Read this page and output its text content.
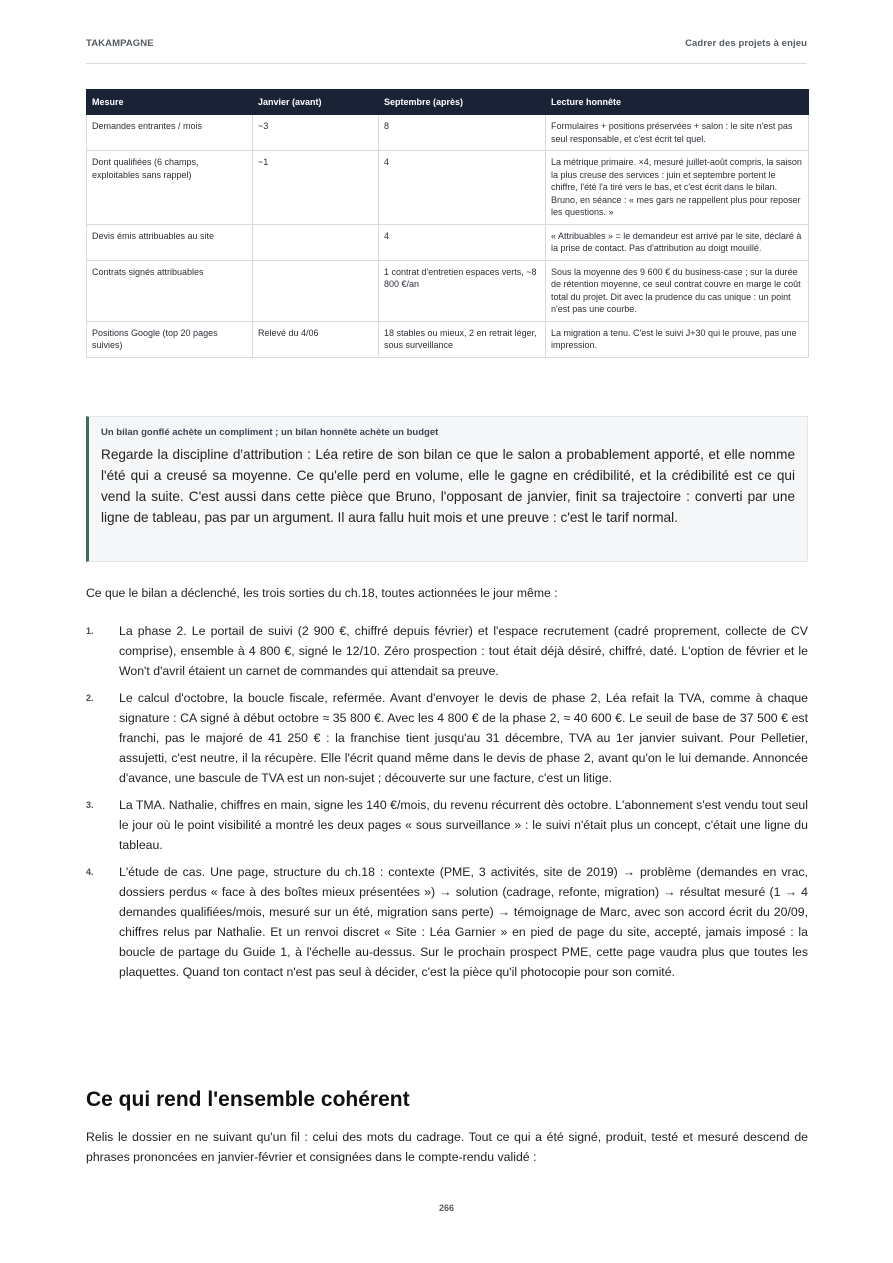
TAKAMPAGNE	Cadrer des projets à enjeu
Mesure	Janvier (avant)	Septembre (après)	Lecture honnête
Demandes entrantes / mois	~3	8	Formulaires + positions préservées + salon : le site n'est pas seul responsable, et c'est écrit tel quel.
Dont qualifiées (6 champs, exploitables sans rappel)	~1	4	La métrique primaire. ×4, mesuré juillet-août compris, la saison la plus creuse des services : juin et septembre portent le chiffre, l'été l'a tiré vers le bas, et c'est écrit dans le bilan. Bruno, en séance : « mes gars ne rappellent plus pour reposer les questions. »
Devis émis attribuables au site		4	« Attribuables » = le demandeur est arrivé par le site, déclaré à la prise de contact. Pas d'attribution au doigt mouillé.
Contrats signés attribuables		1 contrat d'entretien espaces verts, ~8 800 €/an	Sous la moyenne des 9 600 € du business-case ; sur la durée de rétention moyenne, ce seul contrat couvre en marge le coût total du projet. Dit avec la prudence du cas unique : un point n'est pas une courbe.
Positions Google (top 20 pages suivies)	Relevé du 4/06	18 stables ou mieux, 2 en retrait léger, sous surveillance	La migration a tenu. C'est le suivi J+30 qui le prouve, pas une impression.
Un bilan gonflé achète un compliment ; un bilan honnête achète un budget

Regarde la discipline d'attribution : Léa retire de son bilan ce que le salon a probablement apporté, et elle nomme l'été qui a creusé sa moyenne. Ce qu'elle perd en volume, elle le gagne en crédibilité, et la crédibilité est ce qui vend la suite. C'est aussi dans cette pièce que Bruno, l'opposant de janvier, finit sa trajectoire : converti par une ligne de tableau, pas par un argument. Il aura fallu huit mois et une preuve : c'est le tarif normal.

Ce que le bilan a déclenché, les trois sorties du ch.18, toutes actionnées le jour même :

1. La phase 2. Le portail de suivi (2 900 €, chiffré depuis février) et l'espace recrutement (cadré proprement, collecte de CV comprise), ensemble à 4 800 €, signé le 12/10. Zéro prospection : tout était déjà désiré, chiffré, daté. L'option de février et le Won't d'avril étaient un carnet de commandes qui attendait sa preuve.
2. Le calcul d'octobre, la boucle fiscale, refermée. Avant d'envoyer le devis de phase 2, Léa refait la TVA, comme à chaque signature : CA signé à début octobre ≈ 35 800 €. Avec les 4 800 € de la phase 2, ≈ 40 600 €. Le seuil de base de 37 500 € est franchi, pas le majoré de 41 250 € : la franchise tient jusqu'au 31 décembre, TVA au 1er janvier suivant. Pour Pelletier, assujetti, c'est neutre, il la récupère. Elle l'écrit quand même dans le devis de phase 2, avant qu'on le lui demande. Annoncée d'avance, une bascule de TVA est un non-sujet ; découverte sur une facture, c'est un litige.
3. La TMA. Nathalie, chiffres en main, signe les 140 €/mois, du revenu récurrent dès octobre. L'abonnement s'est vendu tout seul le jour où le point visibilité a montré les deux pages « sous surveillance » : le suivi n'était plus un concept, c'était une ligne du tableau.
4. L'étude de cas. Une page, structure du ch.18 : contexte (PME, 3 activités, site de 2019) → problème (demandes en vrac, dossiers perdus « face à des boîtes mieux présentées ») → solution (cadrage, refonte, migration) → résultat mesuré (1 → 4 demandes qualifiées/mois, mesuré sur un été, migration sans perte) → témoignage de Marc, avec son accord écrit du 20/09, chiffres relus par Nathalie. Et un renvoi discret « Site : Léa Garnier » en pied de page du site, accepté, jamais imposé : la boucle de partage du Guide 1, à l'échelle au-dessus. Sur le prochain prospect PME, cette page vaudra plus que toutes les plaquettes. Quand ton contact n'est pas seul à décider, c'est la pièce qu'il photocopie pour son comité.
Ce qui rend l'ensemble cohérent

Relis le dossier en ne suivant qu'un fil : celui des mots du cadrage. Tout ce qui a été signé, produit, testé et mesuré descend de phrases prononcées en janvier-février et consignées dans le compte-rendu validé :

266
